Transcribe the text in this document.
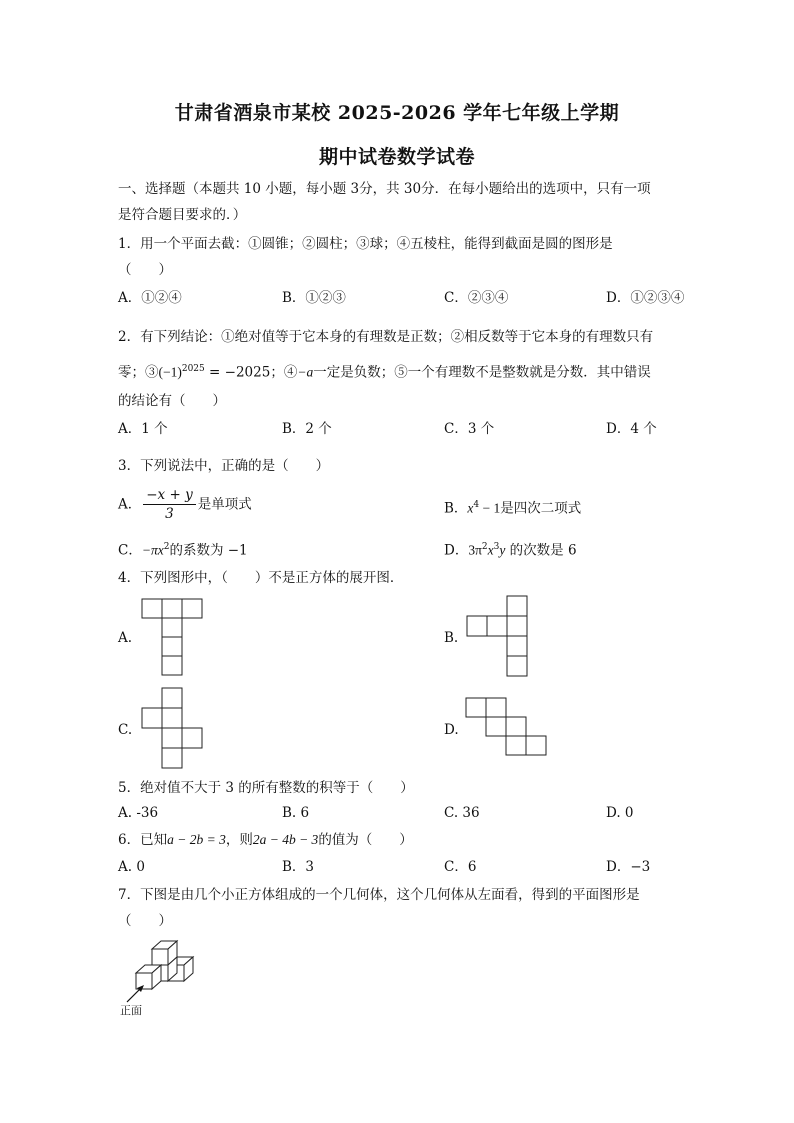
甘肃省酒泉市某校 2025-2026 学年七年级上学期
期中试卷数学试卷
一、选择题（本题共 10 小题，每小题 3分，共 30分．在每小题给出的选项中，只有一项
是符合题目要求的．）
1．用一个平面去截：①圆锥；②圆柱；③球；④五棱柱，能得到截面是圆的图形是
（　　）
A．①②④	B．①②③	C．②③④	D．①②③④
2．有下列结论：①绝对值等于它本身的有理数是正数；②相反数等于它本身的有理数只有
零；$③(-1)^{2025} = -2025$；④−a一定是负数；⑤一个有理数不是整数就是分数．其中错误
的结论有（　　）
A．1 个	B．2 个	C．3 个	D．4 个
3．下列说法中，正确的是（　　）
A． $\frac{-x + y}{3}$ 是单项式	B．$x^4 - 1$是四次二项式
C．$-\pi x^2$的系数为 −1	D．$3\pi^2x^3y$ 的次数是 6
4．下列图形中，（　　）不是正方体的展开图．
A.	B.
C.	D.
5．绝对值不大于 3 的所有整数的积等于（　　）
A. -36	B. 6	C. 36	D. 0
6．已知a − 2b = 3，则2a − 4b − 3的值为（　　）
A. 0	B．3	C．6	D．−3
7．下图是由几个小正方体组成的一个几何体，这个几何体从左面看，得到的平面图形是
（　　）
正面
